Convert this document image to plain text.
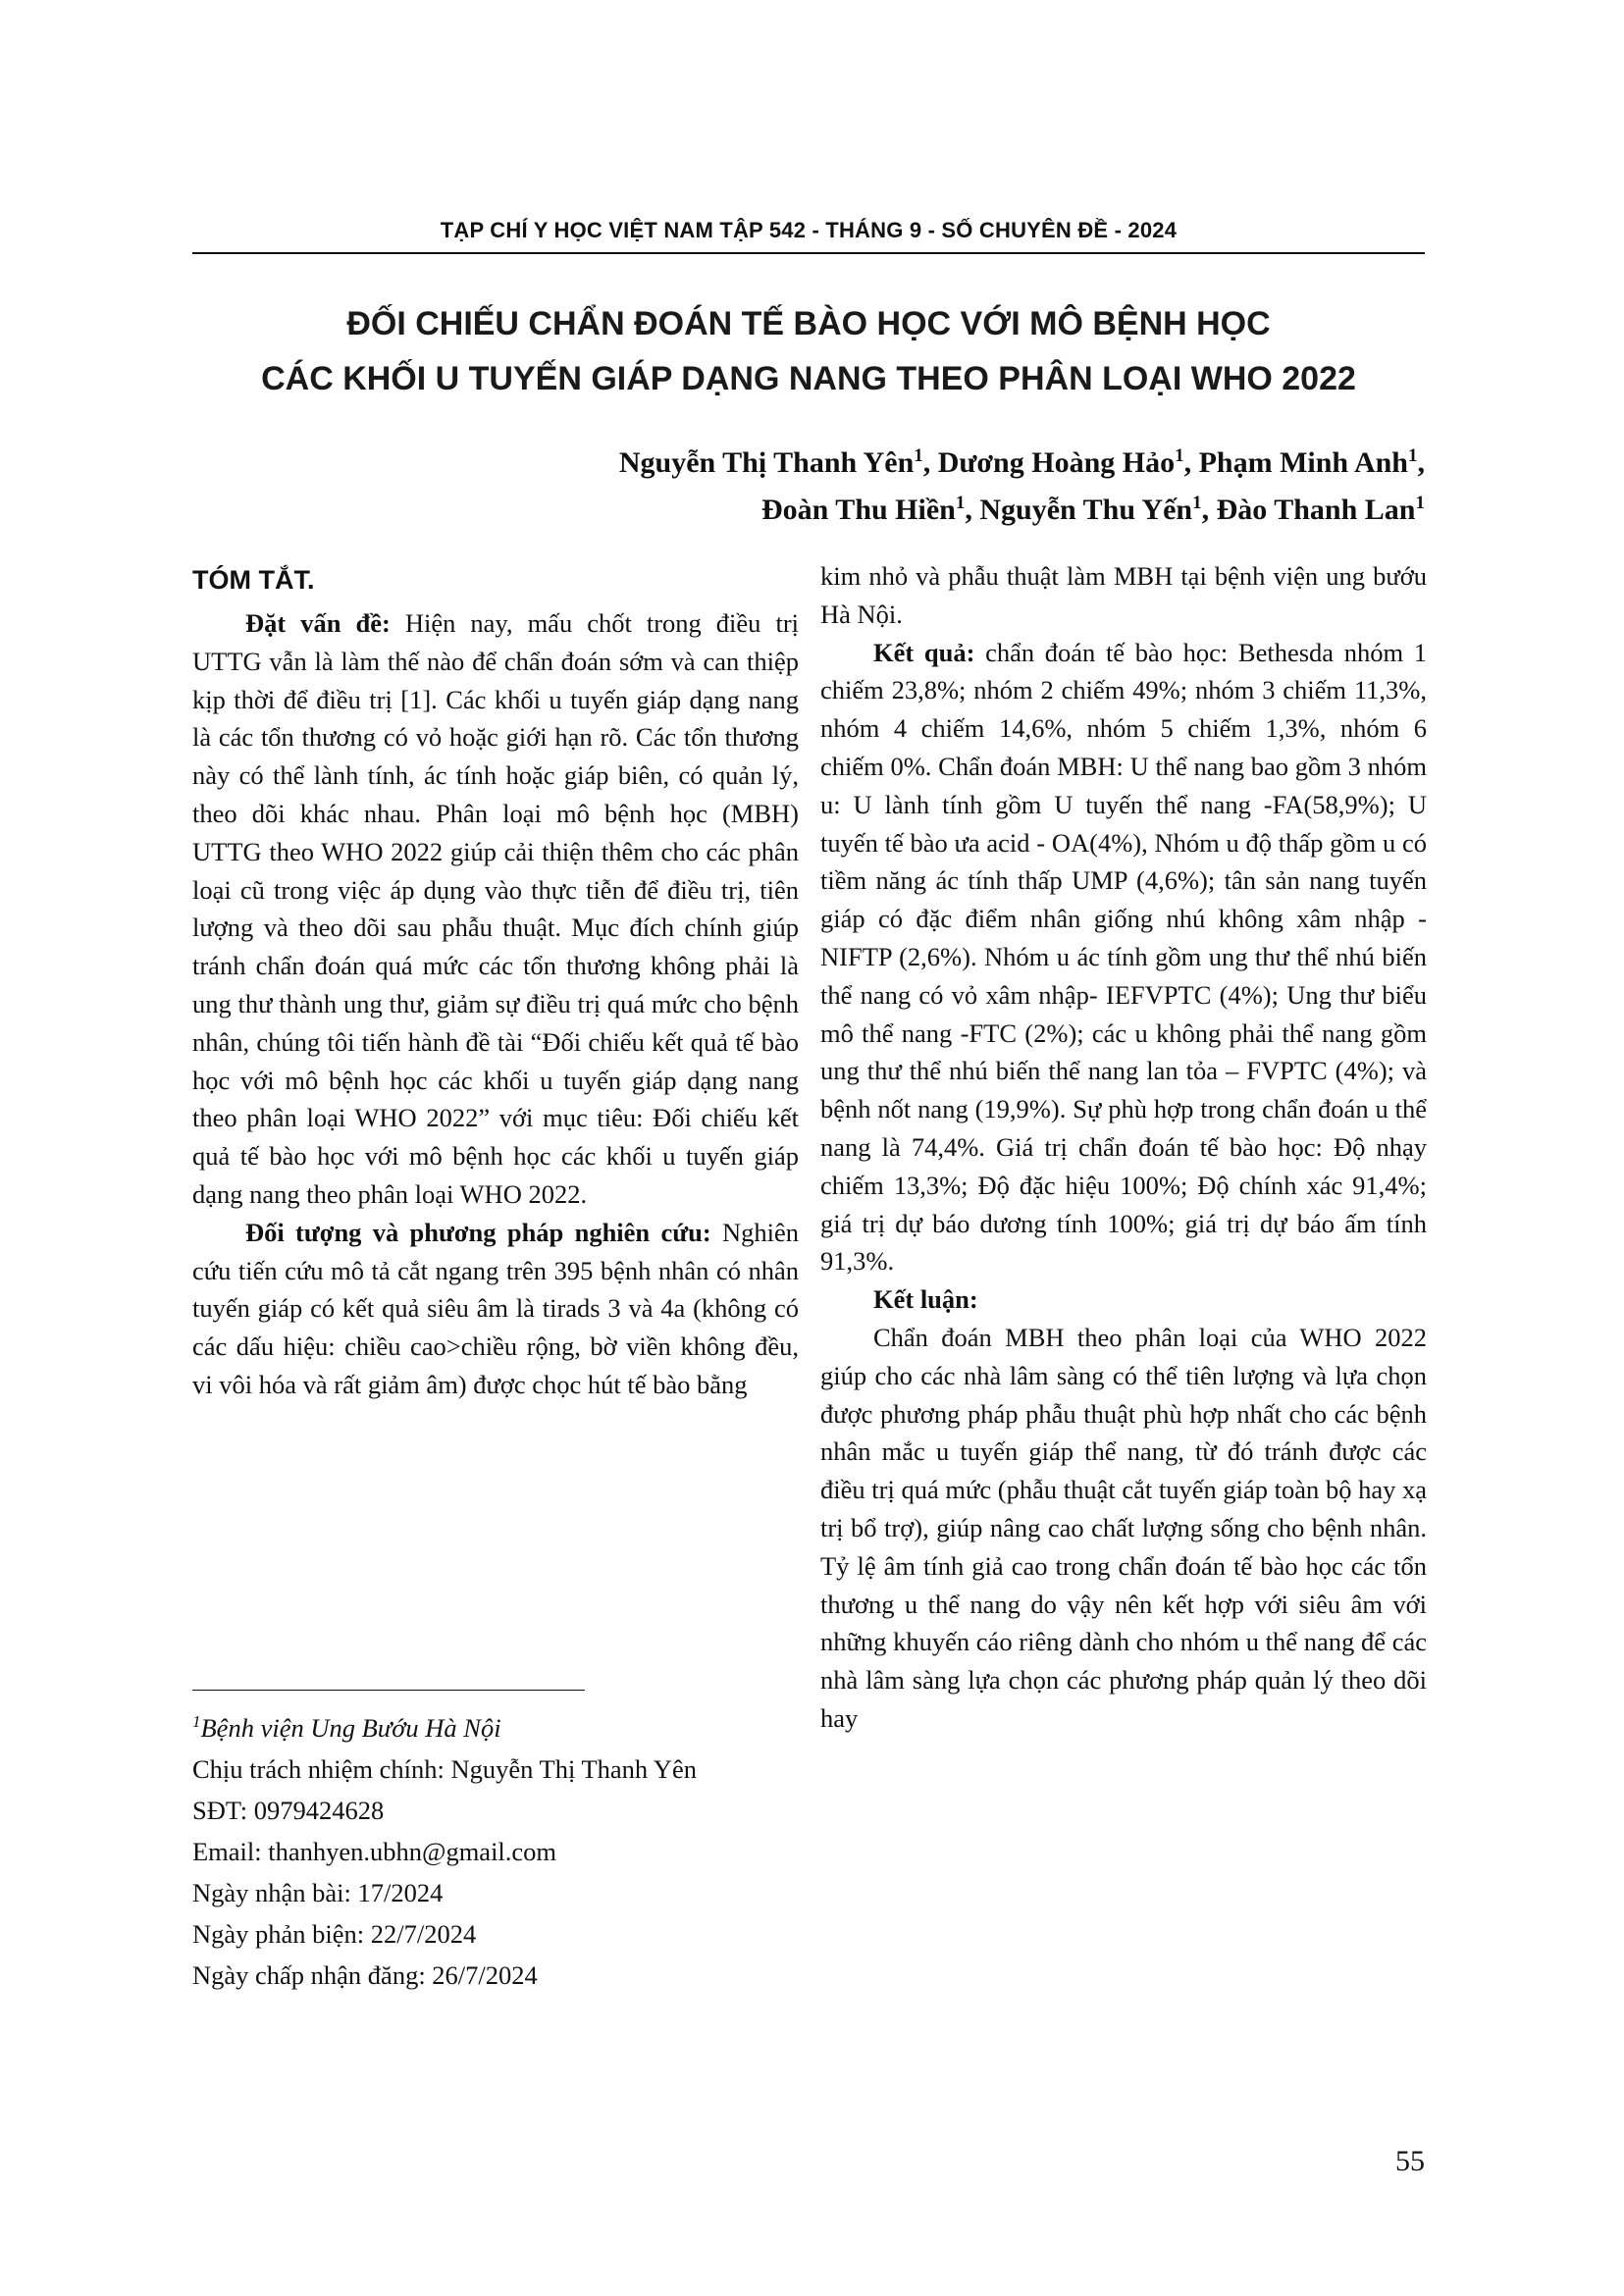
TẠP CHÍ Y HỌC VIỆT NAM TẬP 542 - THÁNG 9 - SỐ CHUYÊN ĐỀ - 2024
ĐỐI CHIẾU CHẨN ĐOÁN TẾ BÀO HỌC VỚI MÔ BỆNH HỌC
CÁC KHỐI U TUYẾN GIÁP DẠNG NANG THEO PHÂN LOẠI WHO 2022
Nguyễn Thị Thanh Yên$^1$, Dương Hoàng Hảo$^1$, Phạm Minh Anh$^1$,
Đoàn Thu Hiền$^1$, Nguyễn Thu Yến$^1$, Đào Thanh Lan$^1$
TÓM TẮT.

Đặt vấn đề: Hiện nay, mấu chốt trong điều trị UTTG vẫn là làm thế nào để chẩn đoán sớm và can thiệp kịp thời để điều trị [1]. Các khối u tuyến giáp dạng nang là các tổn thương có vỏ hoặc giới hạn rõ. Các tổn thương này có thể lành tính, ác tính hoặc giáp biên, có quản lý, theo dõi khác nhau. Phân loại mô bệnh học (MBH) UTTG theo WHO 2022 giúp cải thiện thêm cho các phân loại cũ trong việc áp dụng vào thực tiễn để điều trị, tiên lượng và theo dõi sau phẫu thuật. Mục đích chính giúp tránh chẩn đoán quá mức các tổn thương không phải là ung thư thành ung thư, giảm sự điều trị quá mức cho bệnh nhân, chúng tôi tiến hành đề tài “Đối chiếu kết quả tế bào học với mô bệnh học các khối u tuyến giáp dạng nang theo phân loại WHO 2022” với mục tiêu: Đối chiếu kết quả tế bào học với mô bệnh học các khối u tuyến giáp dạng nang theo phân loại WHO 2022.

Đối tượng và phương pháp nghiên cứu: Nghiên cứu tiến cứu mô tả cắt ngang trên 395 bệnh nhân có nhân tuyến giáp có kết quả siêu âm là tirads 3 và 4a (không có các dấu hiệu: chiều cao>chiều rộng, bờ viền không đều, vi vôi hóa và rất giảm âm) được chọc hút tế bào bằng

$^1$Bệnh viện Ung Bướu Hà Nội
Chịu trách nhiệm chính: Nguyễn Thị Thanh Yên
SĐT: 0979424628
Email: thanhyen.ubhn@gmail.com
Ngày nhận bài: 17/2024
Ngày phản biện: 22/7/2024
Ngày chấp nhận đăng: 26/7/2024

kim nhỏ và phẫu thuật làm MBH tại bệnh viện ung bướu Hà Nội.

Kết quả: chẩn đoán tế bào học: Bethesda nhóm 1 chiếm 23,8%; nhóm 2 chiếm 49%; nhóm 3 chiếm 11,3%, nhóm 4 chiếm 14,6%, nhóm 5 chiếm 1,3%, nhóm 6 chiếm 0%. Chẩn đoán MBH: U thể nang bao gồm 3 nhóm u: U lành tính gồm U tuyến thể nang -FA(58,9%); U tuyến tế bào ưa acid - OA(4%), Nhóm u độ thấp gồm u có tiềm năng ác tính thấp UMP (4,6%); tân sản nang tuyến giáp có đặc điểm nhân giống nhú không xâm nhập - NIFTP (2,6%). Nhóm u ác tính gồm ung thư thể nhú biến thể nang có vỏ xâm nhập- IEFVPTC (4%); Ung thư biểu mô thể nang -FTC (2%); các u không phải thể nang gồm ung thư thể nhú biến thể nang lan tỏa – FVPTC (4%); và bệnh nốt nang (19,9%). Sự phù hợp trong chẩn đoán u thể nang là 74,4%. Giá trị chẩn đoán tế bào học: Độ nhạy chiếm 13,3%; Độ đặc hiệu 100%; Độ chính xác 91,4%; giá trị dự báo dương tính 100%; giá trị dự báo ấm tính 91,3%.

Kết luận:

Chẩn đoán MBH theo phân loại của WHO 2022 giúp cho các nhà lâm sàng có thể tiên lượng và lựa chọn được phương pháp phẫu thuật phù hợp nhất cho các bệnh nhân mắc u tuyến giáp thể nang, từ đó tránh được các điều trị quá mức (phẫu thuật cắt tuyến giáp toàn bộ hay xạ trị bổ trợ), giúp nâng cao chất lượng sống cho bệnh nhân. Tỷ lệ âm tính giả cao trong chẩn đoán tế bào học các tổn thương u thể nang do vậy nên kết hợp với siêu âm với những khuyến cáo riêng dành cho nhóm u thể nang để các nhà lâm sàng lựa chọn các phương pháp quản lý theo dõi hay

55
